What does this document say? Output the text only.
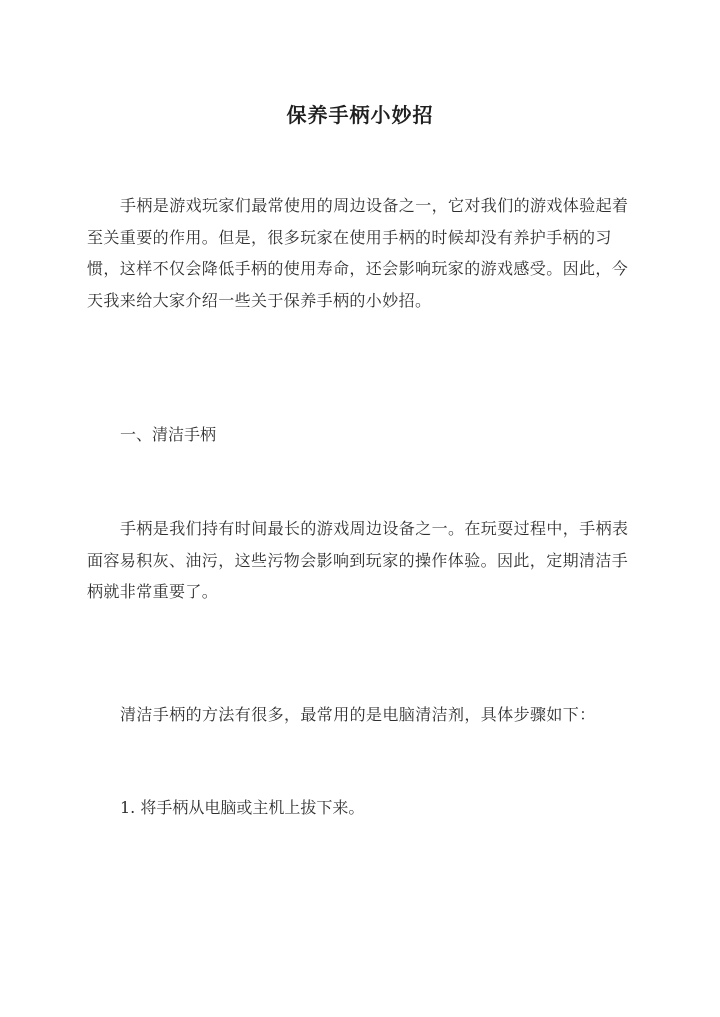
保养手柄小妙招

手柄是游戏玩家们最常使用的周边设备之一，它对我们的游戏体验起着至关重要的作用。但是，很多玩家在使用手柄的时候却没有养护手柄的习惯，这样不仅会降低手柄的使用寿命，还会影响玩家的游戏感受。因此，今天我来给大家介绍一些关于保养手柄的小妙招。

一、清洁手柄

手柄是我们持有时间最长的游戏周边设备之一。在玩耍过程中，手柄表面容易积灰、油污，这些污物会影响到玩家的操作体验。因此，定期清洁手柄就非常重要了。

清洁手柄的方法有很多，最常用的是电脑清洁剂，具体步骤如下：

1. 将手柄从电脑或主机上拔下来。
